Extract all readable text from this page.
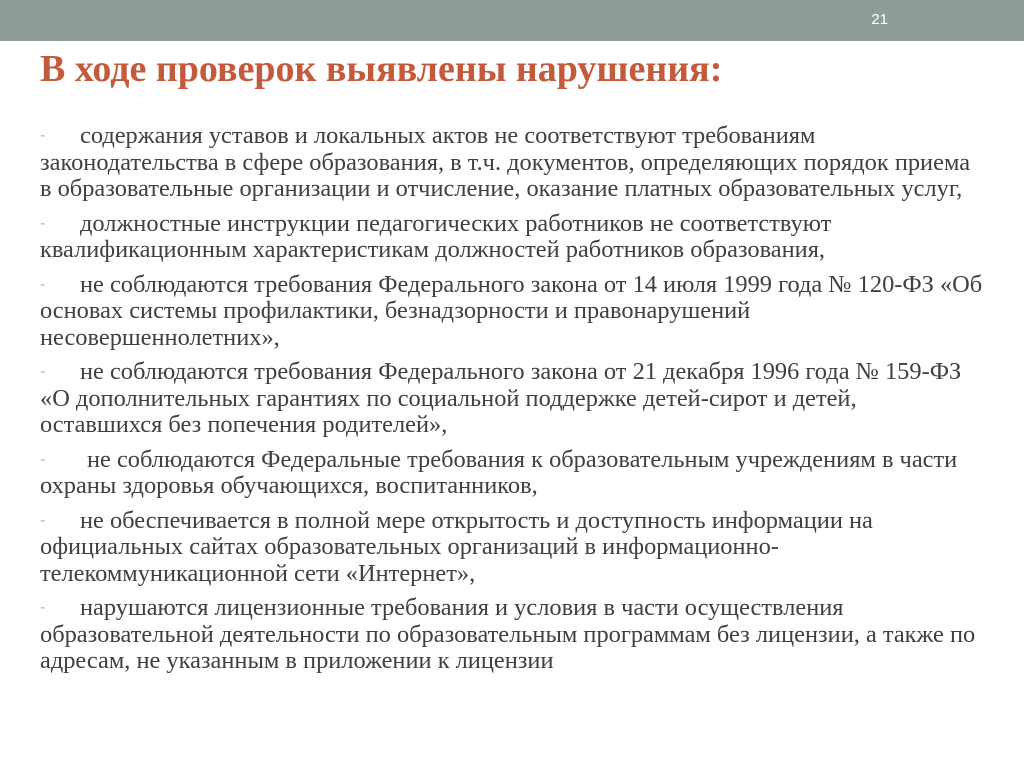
21
В ходе проверок выявлены нарушения:
- содержания уставов и локальных актов не соответствуют требованиям законодательства в сфере образования, в т.ч. документов, определяющих порядок приема в образовательные организации и отчисление, оказание платных образовательных услуг,
- должностные инструкции педагогических работников не соответствуют квалификационным характеристикам должностей работников образования,
- не соблюдаются требования Федерального закона от 14 июля 1999 года № 120-ФЗ «Об основах системы профилактики, безнадзорности и правонарушений несовершеннолетних»,
- не соблюдаются требования Федерального закона от 21 декабря 1996 года № 159-ФЗ «О дополнительных гарантиях по социальной поддержке детей-сирот и детей, оставшихся без попечения родителей»,
- не соблюдаются Федеральные требования к образовательным учреждениям в части охраны здоровья обучающихся, воспитанников,
- не обеспечивается в полной мере открытость и доступность информации на официальных сайтах образовательных организаций в информационно-телекоммуникационной сети «Интернет»,
- нарушаются лицензионные требования и условия в части осуществления образовательной деятельности по образовательным программам без лицензии, а также по адресам, не указанным в приложении к лицензии
